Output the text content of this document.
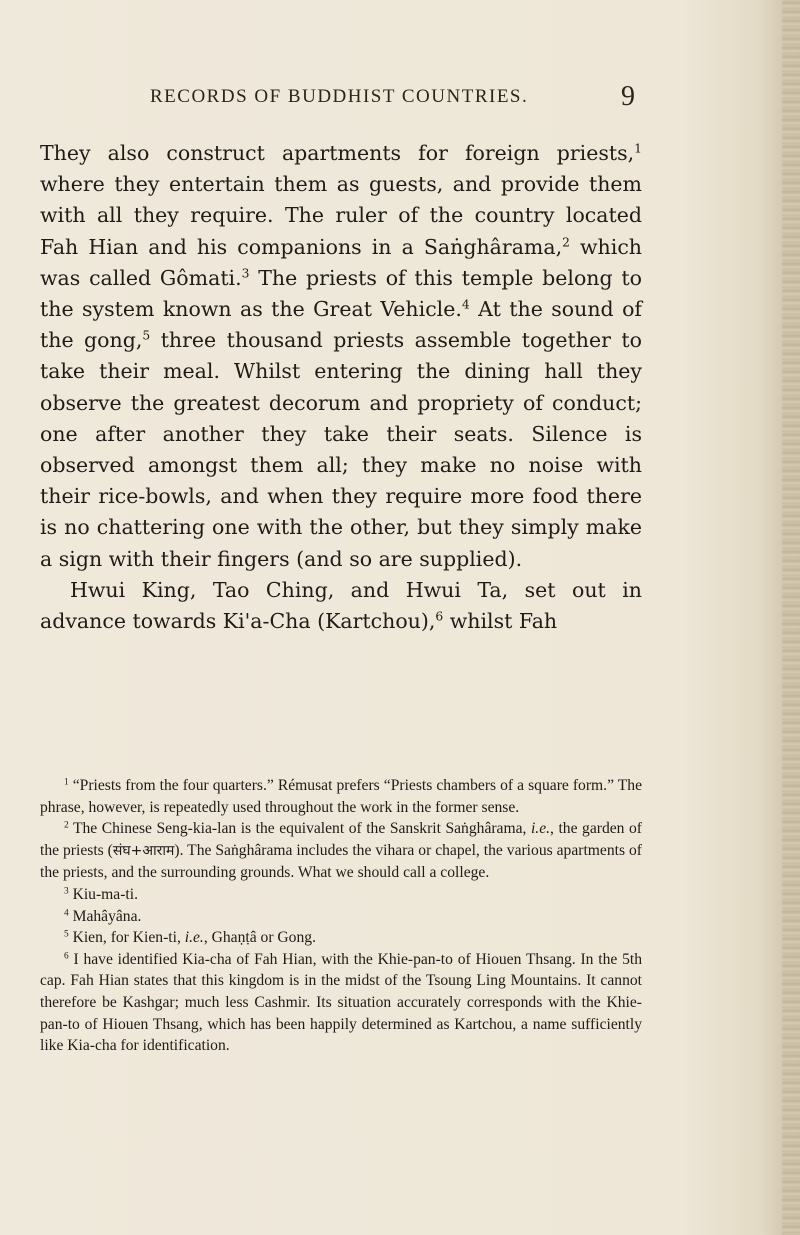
RECORDS OF BUDDHIST COUNTRIES.	9

They also construct apartments for foreign priests,$^1$ where they entertain them as guests, and provide them with all they require. The ruler of the country located Fah Hian and his companions in a Saṅghârama,$^2$ which was called Gômati.$^3$ The priests of this temple belong to the system known as the Great Vehicle.$^4$ At the sound of the gong,$^5$ three thousand priests assemble together to take their meal. Whilst entering the dining hall they observe the greatest decorum and propriety of conduct; one after another they take their seats. Silence is observed amongst them all; they make no noise with their rice-bowls, and when they require more food there is no chattering one with the other, but they simply make a sign with their fingers (and so are supplied).

Hwui King, Tao Ching, and Hwui Ta, set out in advance towards Ki'a-Cha (Kartchou),$^6$ whilst Fah

$^1$ “Priests from the four quarters.” Rémusat prefers “Priests chambers of a square form.” The phrase, however, is repeatedly used throughout the work in the former sense.

$^2$ The Chinese Seng-kia-lan is the equivalent of the Sanskrit Saṅghârama, i.e., the garden of the priests (संघ+आराम). The Saṅghârama includes the vihara or chapel, the various apartments of the priests, and the surrounding grounds. What we should call a college.

$^3$ Kiu-ma-ti.

$^4$ Mahâyâna.

$^5$ Kien, for Kien-ti, i.e., Ghaṇṭâ or Gong.

$^6$ I have identified Kia-cha of Fah Hian, with the Khie-pan-to of Hiouen Thsang. In the 5th cap. Fah Hian states that this kingdom is in the midst of the Tsoung Ling Mountains. It cannot therefore be Kashgar; much less Cashmir. Its situation accurately corresponds with the Khie-pan-to of Hiouen Thsang, which has been happily determined as Kartchou, a name sufficiently like Kia-cha for identification.
